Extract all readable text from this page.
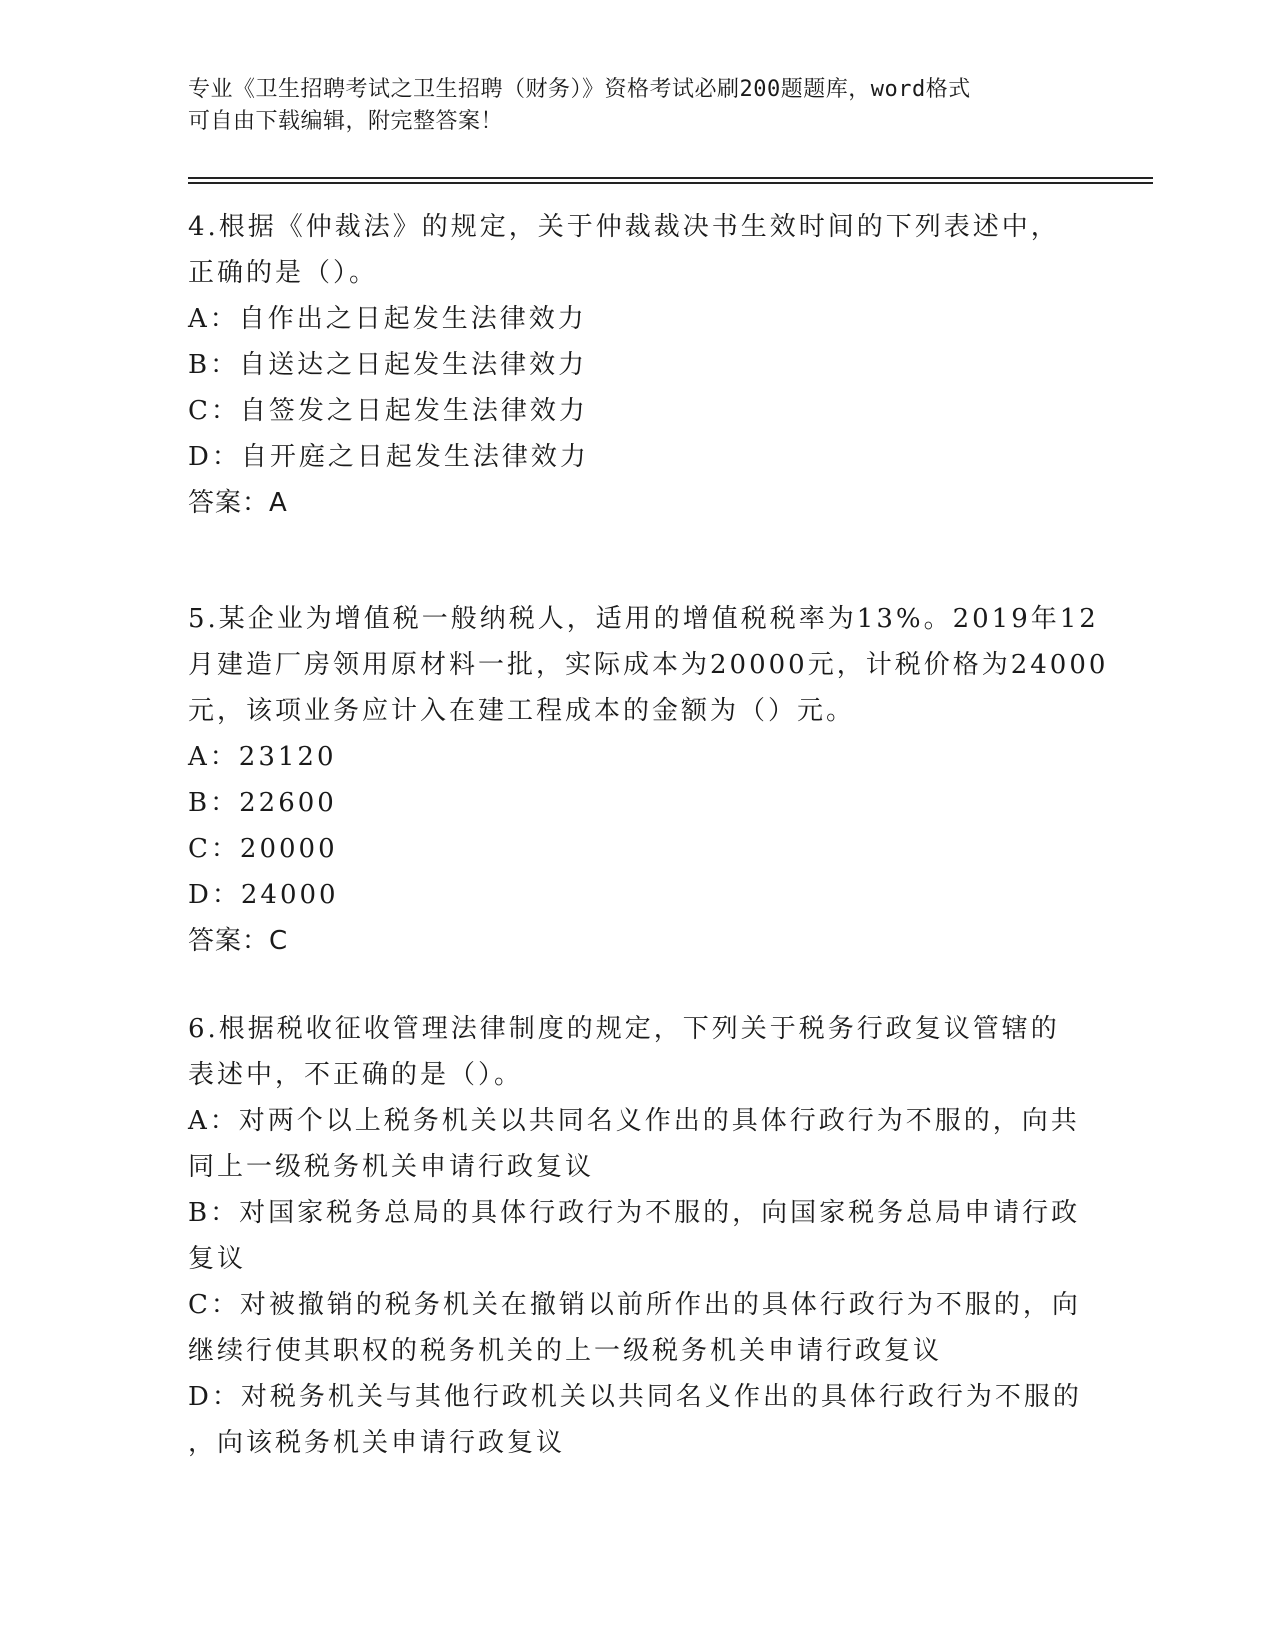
专业《卫生招聘考试之卫生招聘（财务）》资格考试必刷200题题库，word格式
可自由下载编辑，附完整答案！
4.根据《仲裁法》的规定，关于仲裁裁决书生效时间的下列表述中，
正确的是（）。
A：自作出之日起发生法律效力
B：自送达之日起发生法律效力
C：自签发之日起发生法律效力
D：自开庭之日起发生法律效力
答案：A
5.某企业为增值税一般纳税人，适用的增值税税率为13%。2019年12
月建造厂房领用原材料一批，实际成本为20000元，计税价格为24000
元，该项业务应计入在建工程成本的金额为（）元。
A：23120
B：22600
C：20000
D：24000
答案：C
6.根据税收征收管理法律制度的规定，下列关于税务行政复议管辖的
表述中，不正确的是（）。
A：对两个以上税务机关以共同名义作出的具体行政行为不服的，向共
同上一级税务机关申请行政复议
B：对国家税务总局的具体行政行为不服的，向国家税务总局申请行政
复议
C：对被撤销的税务机关在撤销以前所作出的具体行政行为不服的，向
继续行使其职权的税务机关的上一级税务机关申请行政复议
D：对税务机关与其他行政机关以共同名义作出的具体行政行为不服的
，向该税务机关申请行政复议
